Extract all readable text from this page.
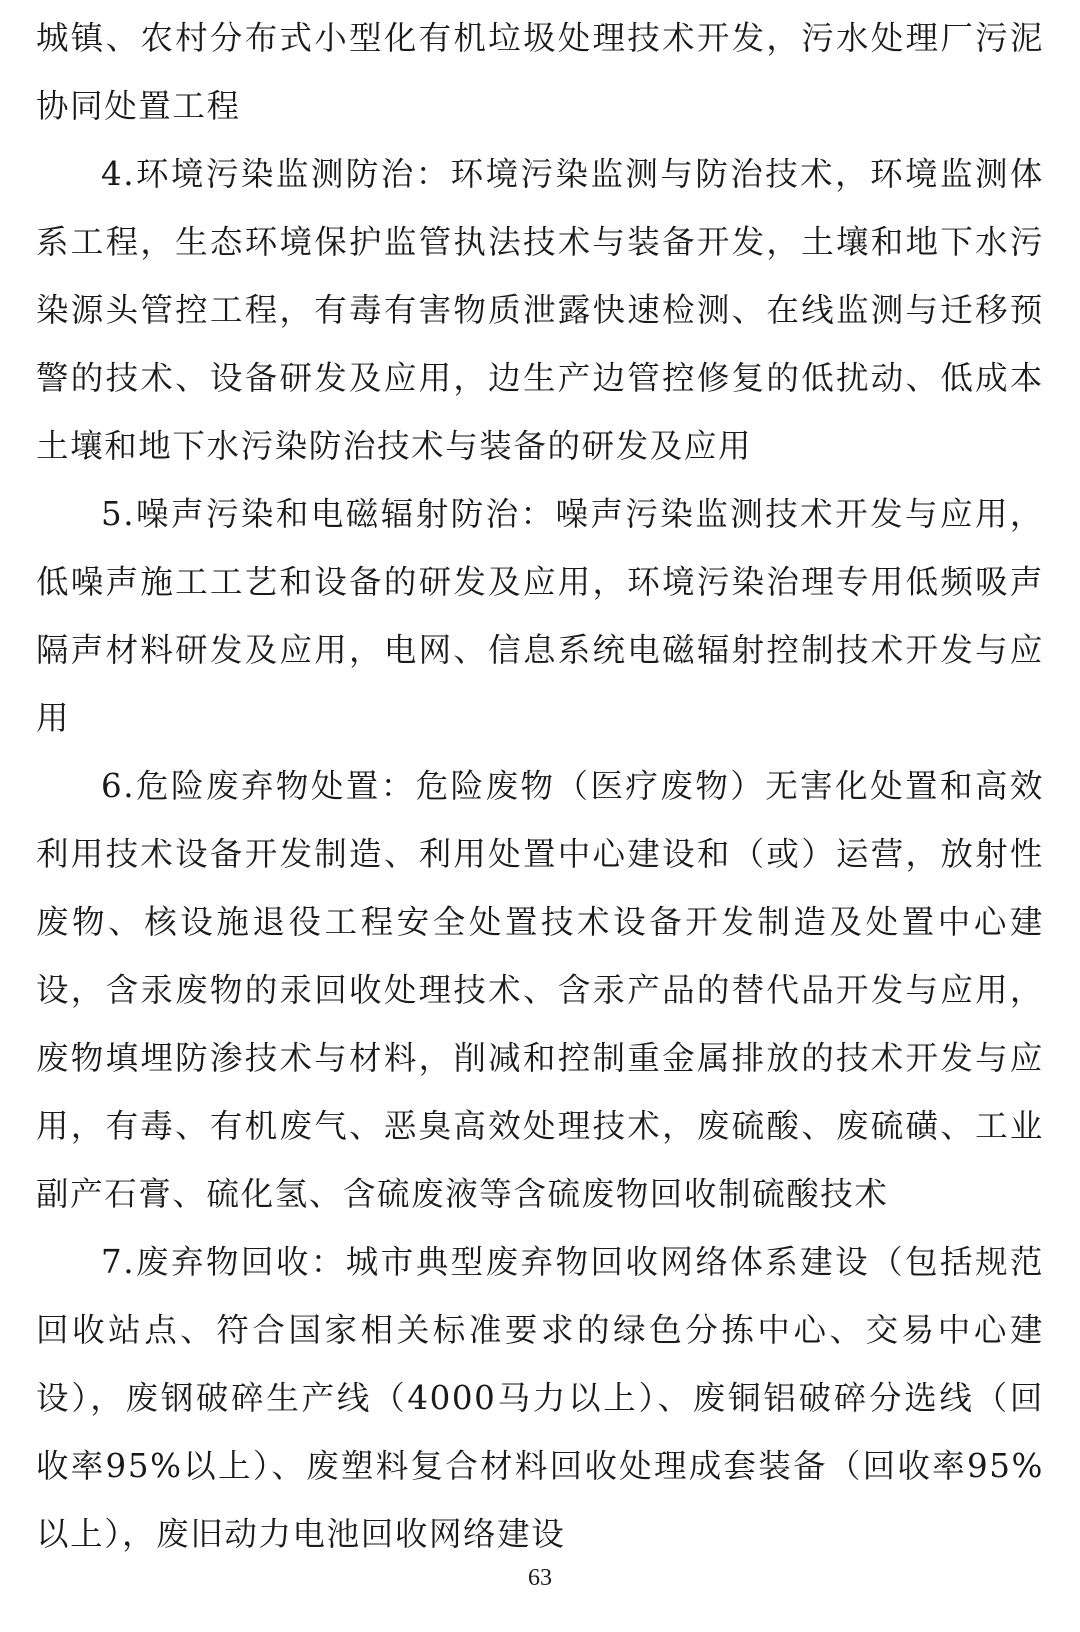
城镇、农村分布式小型化有机垃圾处理技术开发，污水处理厂污泥协同处置工程

4.环境污染监测防治：环境污染监测与防治技术，环境监测体系工程，生态环境保护监管执法技术与装备开发，土壤和地下水污染源头管控工程，有毒有害物质泄露快速检测、在线监测与迁移预警的技术、设备研发及应用，边生产边管控修复的低扰动、低成本土壤和地下水污染防治技术与装备的研发及应用

5.噪声污染和电磁辐射防治：噪声污染监测技术开发与应用，低噪声施工工艺和设备的研发及应用，环境污染治理专用低频吸声隔声材料研发及应用，电网、信息系统电磁辐射控制技术开发与应用

6.危险废弃物处置：危险废物（医疗废物）无害化处置和高效利用技术设备开发制造、利用处置中心建设和（或）运营，放射性废物、核设施退役工程安全处置技术设备开发制造及处置中心建设，含汞废物的汞回收处理技术、含汞产品的替代品开发与应用，废物填埋防渗技术与材料，削减和控制重金属排放的技术开发与应用，有毒、有机废气、恶臭高效处理技术，废硫酸、废硫磺、工业副产石膏、硫化氢、含硫废液等含硫废物回收制硫酸技术

7.废弃物回收：城市典型废弃物回收网络体系建设（包括规范回收站点、符合国家相关标准要求的绿色分拣中心、交易中心建设），废钢破碎生产线（4000马力以上）、废铜铝破碎分选线（回收率95%以上）、废塑料复合材料回收处理成套装备（回收率95%以上），废旧动力电池回收网络建设

63
